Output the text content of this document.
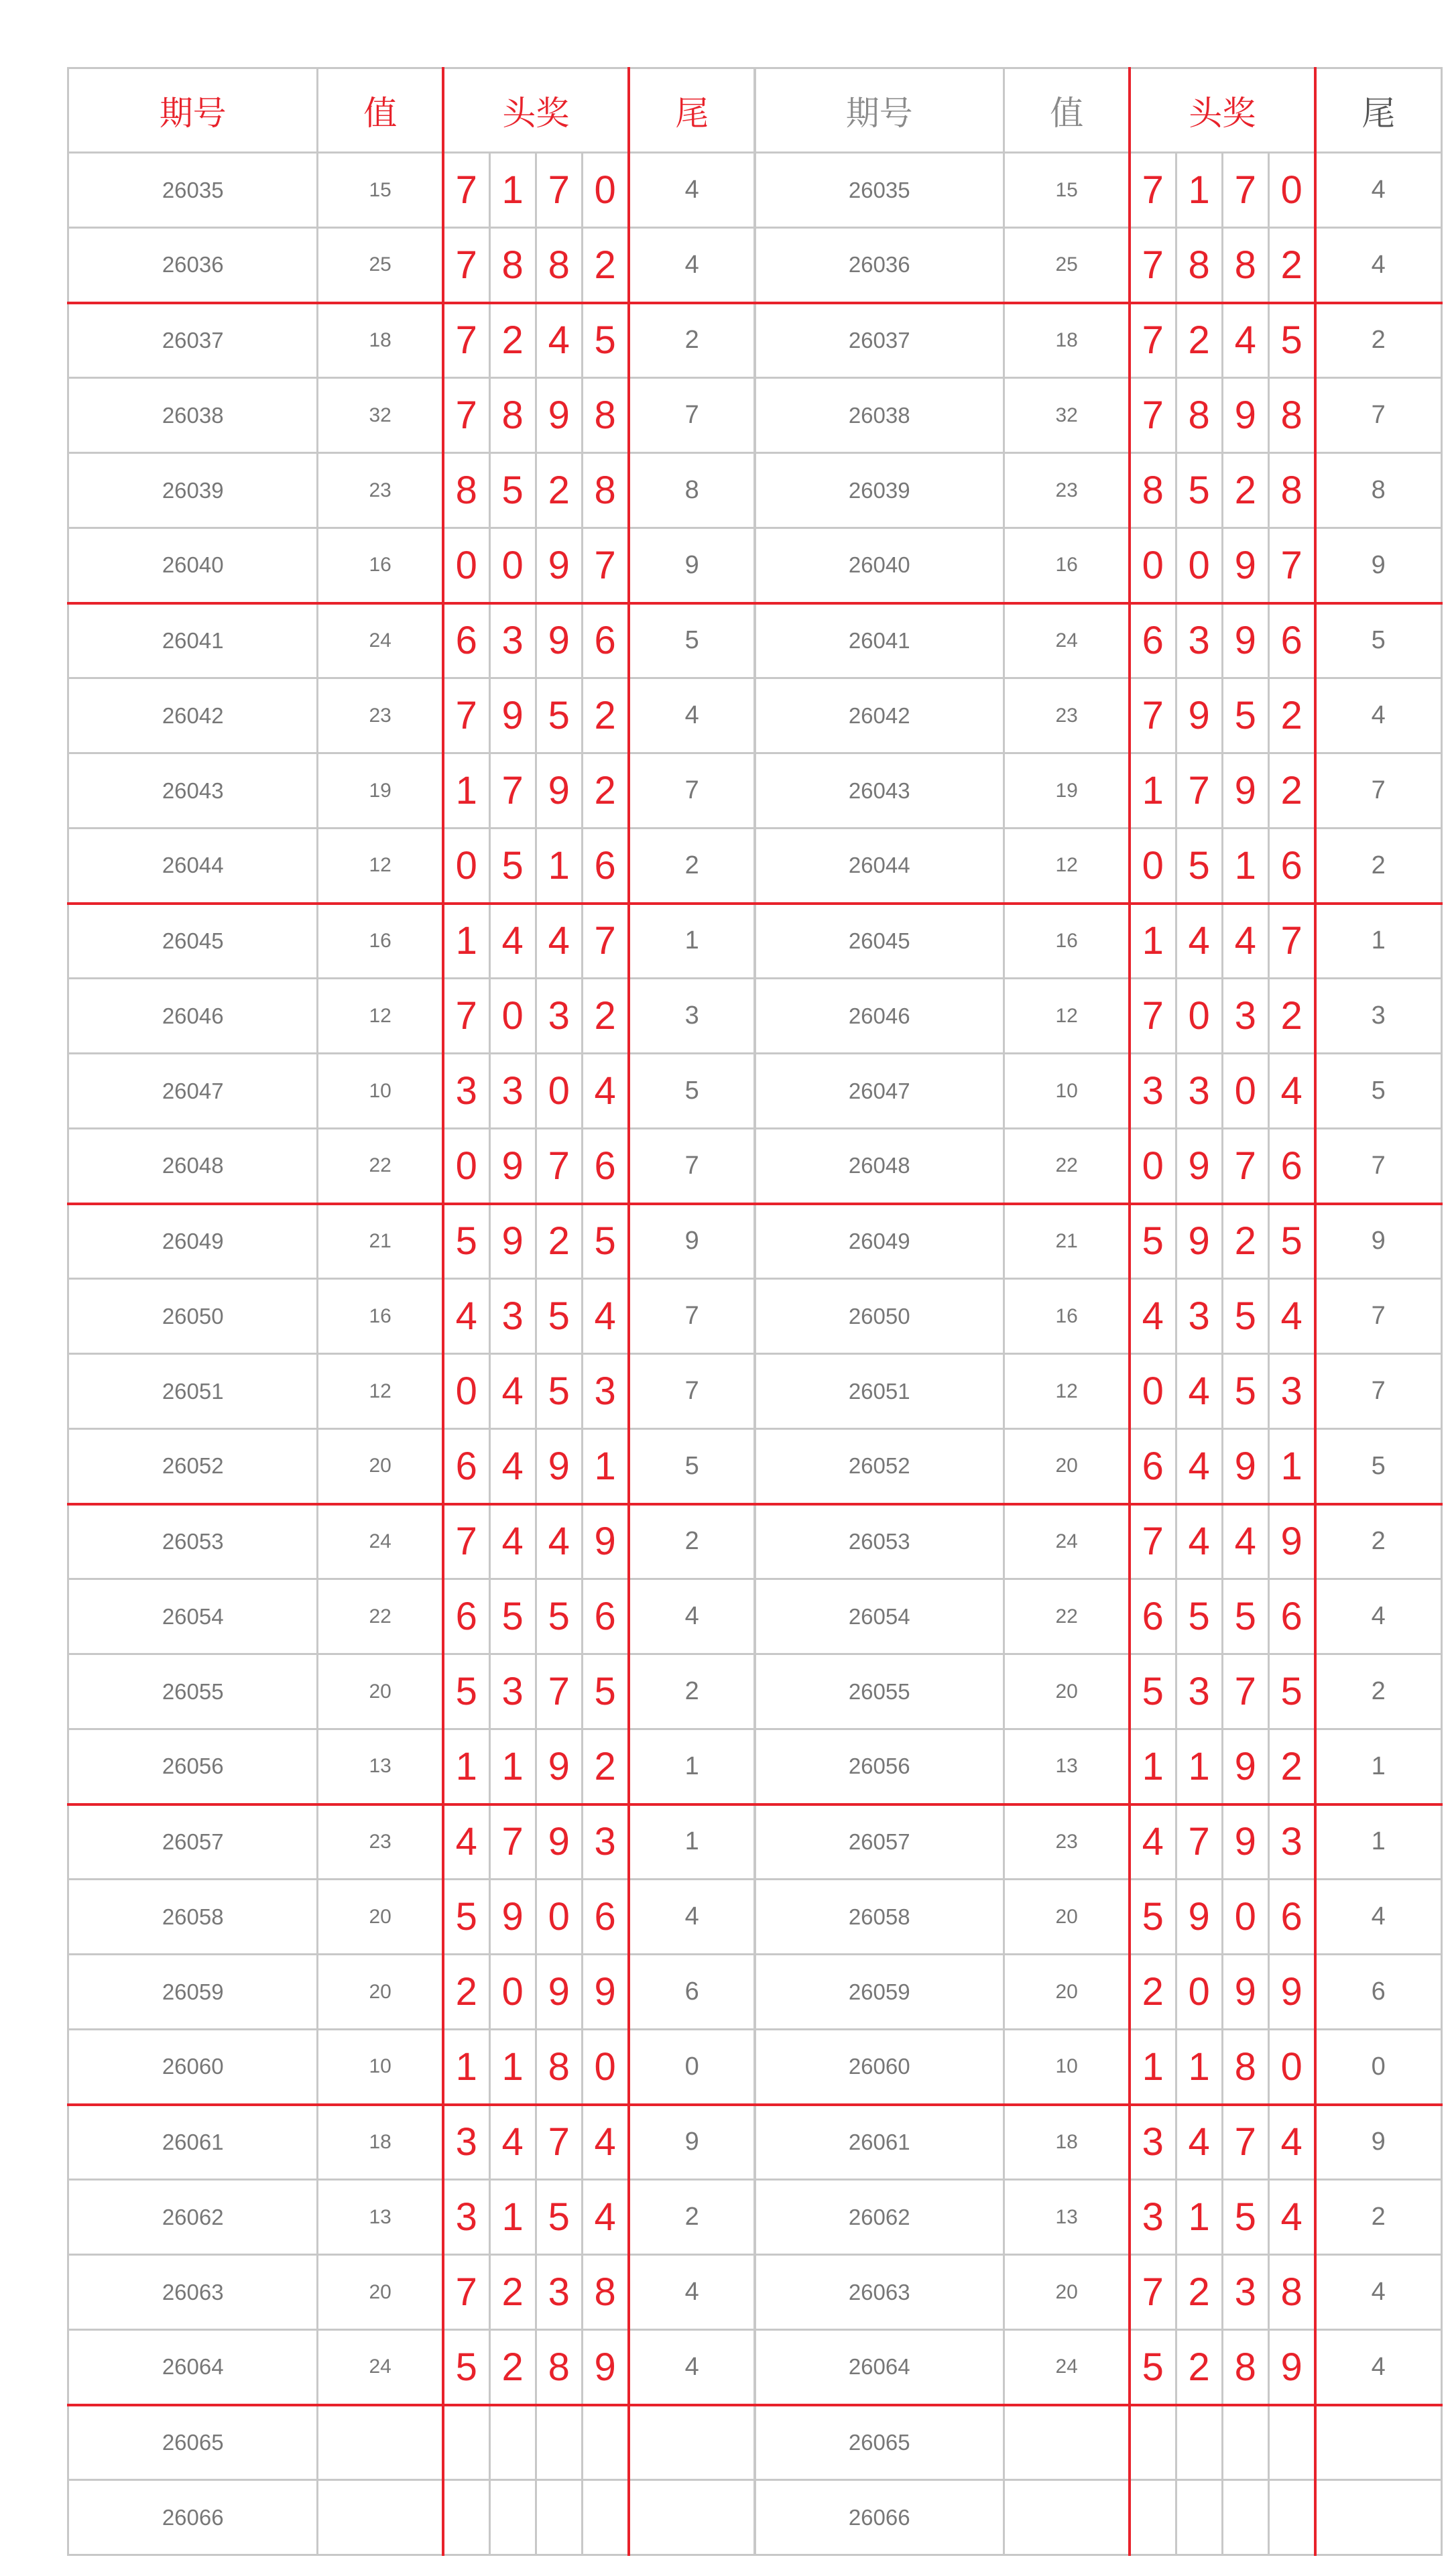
期号	值	头奖				尾
26035	15	7	1	7	0	4
26036	25	7	8	8	2	4
26037	18	7	2	4	5	2
26038	32	7	8	9	8	7
26039	23	8	5	2	8	8
26040	16	0	0	9	7	9
26041	24	6	3	9	6	5
26042	23	7	9	5	2	4
26043	19	1	7	9	2	7
26044	12	0	5	1	6	2
26045	16	1	4	4	7	1
26046	12	7	0	3	2	3
26047	10	3	3	0	4	5
26048	22	0	9	7	6	7
26049	21	5	9	2	5	9
26050	16	4	3	5	4	7
26051	12	0	4	5	3	7
26052	20	6	4	9	1	5
26053	24	7	4	4	9	2
26054	22	6	5	5	6	4
26055	20	5	3	7	5	2
26056	13	1	1	9	2	1
26057	23	4	7	9	3	1
26058	20	5	9	0	6	4
26059	20	2	0	9	9	6
26060	10	1	1	8	0	0
26061	18	3	4	7	4	9
26062	13	3	1	5	4	2
26063	20	7	2	3	8	4
26064	24	5	2	8	9	4
26065						
26066						
期号	值	头奖				尾
26035	15	7	1	7	0	4
26036	25	7	8	8	2	4
26037	18	7	2	4	5	2
26038	32	7	8	9	8	7
26039	23	8	5	2	8	8
26040	16	0	0	9	7	9
26041	24	6	3	9	6	5
26042	23	7	9	5	2	4
26043	19	1	7	9	2	7
26044	12	0	5	1	6	2
26045	16	1	4	4	7	1
26046	12	7	0	3	2	3
26047	10	3	3	0	4	5
26048	22	0	9	7	6	7
26049	21	5	9	2	5	9
26050	16	4	3	5	4	7
26051	12	0	4	5	3	7
26052	20	6	4	9	1	5
26053	24	7	4	4	9	2
26054	22	6	5	5	6	4
26055	20	5	3	7	5	2
26056	13	1	1	9	2	1
26057	23	4	7	9	3	1
26058	20	5	9	0	6	4
26059	20	2	0	9	9	6
26060	10	1	1	8	0	0
26061	18	3	4	7	4	9
26062	13	3	1	5	4	2
26063	20	7	2	3	8	4
26064	24	5	2	8	9	4
26065						
26066						
